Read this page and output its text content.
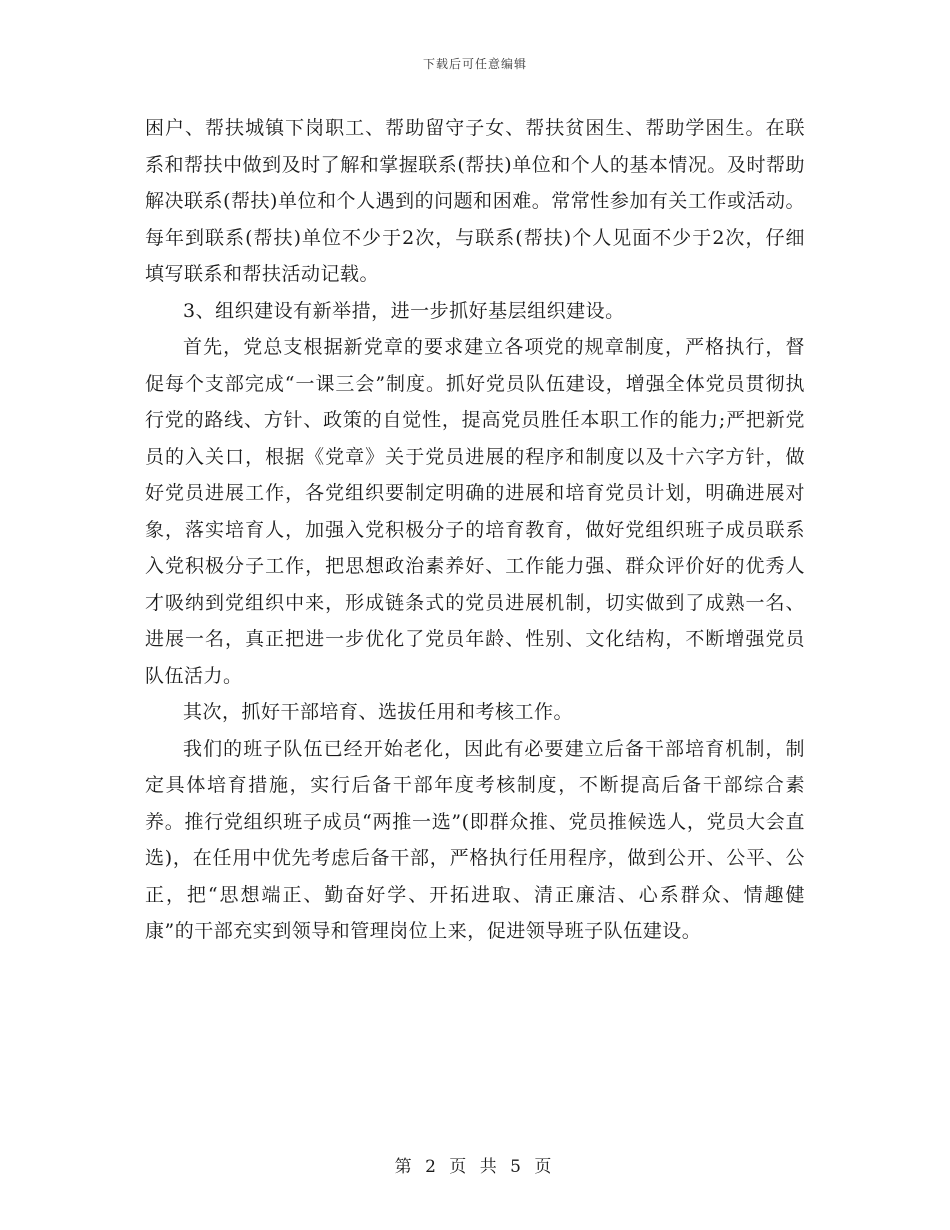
下载后可任意编辑

困户、帮扶城镇下岗职工、帮助留守子女、帮扶贫困生、帮助学困生。在联系和帮扶中做到及时了解和掌握联系(帮扶)单位和个人的基本情况。及时帮助解决联系(帮扶)单位和个人遇到的问题和困难。常常性参加有关工作或活动。每年到联系(帮扶)单位不少于2次，与联系(帮扶)个人见面不少于2次，仔细填写联系和帮扶活动记载。

3、组织建设有新举措，进一步抓好基层组织建设。

首先，党总支根据新党章的要求建立各项党的规章制度，严格执行，督促每个支部完成“一课三会”制度。抓好党员队伍建设，增强全体党员贯彻执行党的路线、方针、政策的自觉性，提高党员胜任本职工作的能力;严把新党员的入关口，根据《党章》关于党员进展的程序和制度以及十六字方针，做好党员进展工作，各党组织要制定明确的进展和培育党员计划，明确进展对象，落实培育人，加强入党积极分子的培育教育，做好党组织班子成员联系入党积极分子工作，把思想政治素养好、工作能力强、群众评价好的优秀人才吸纳到党组织中来，形成链条式的党员进展机制，切实做到了成熟一名、进展一名，真正把进一步优化了党员年龄、性别、文化结构，不断增强党员队伍活力。

其次，抓好干部培育、选拔任用和考核工作。

我们的班子队伍已经开始老化，因此有必要建立后备干部培育机制，制定具体培育措施，实行后备干部年度考核制度，不断提高后备干部综合素养。推行党组织班子成员“两推一选”(即群众推、党员推候选人，党员大会直选)，在任用中优先考虑后备干部，严格执行任用程序，做到公开、公平、公正，把“思想端正、勤奋好学、开拓进取、清正廉洁、心系群众、情趣健康”的干部充实到领导和管理岗位上来，促进领导班子队伍建设。

第 2 页 共 5 页
